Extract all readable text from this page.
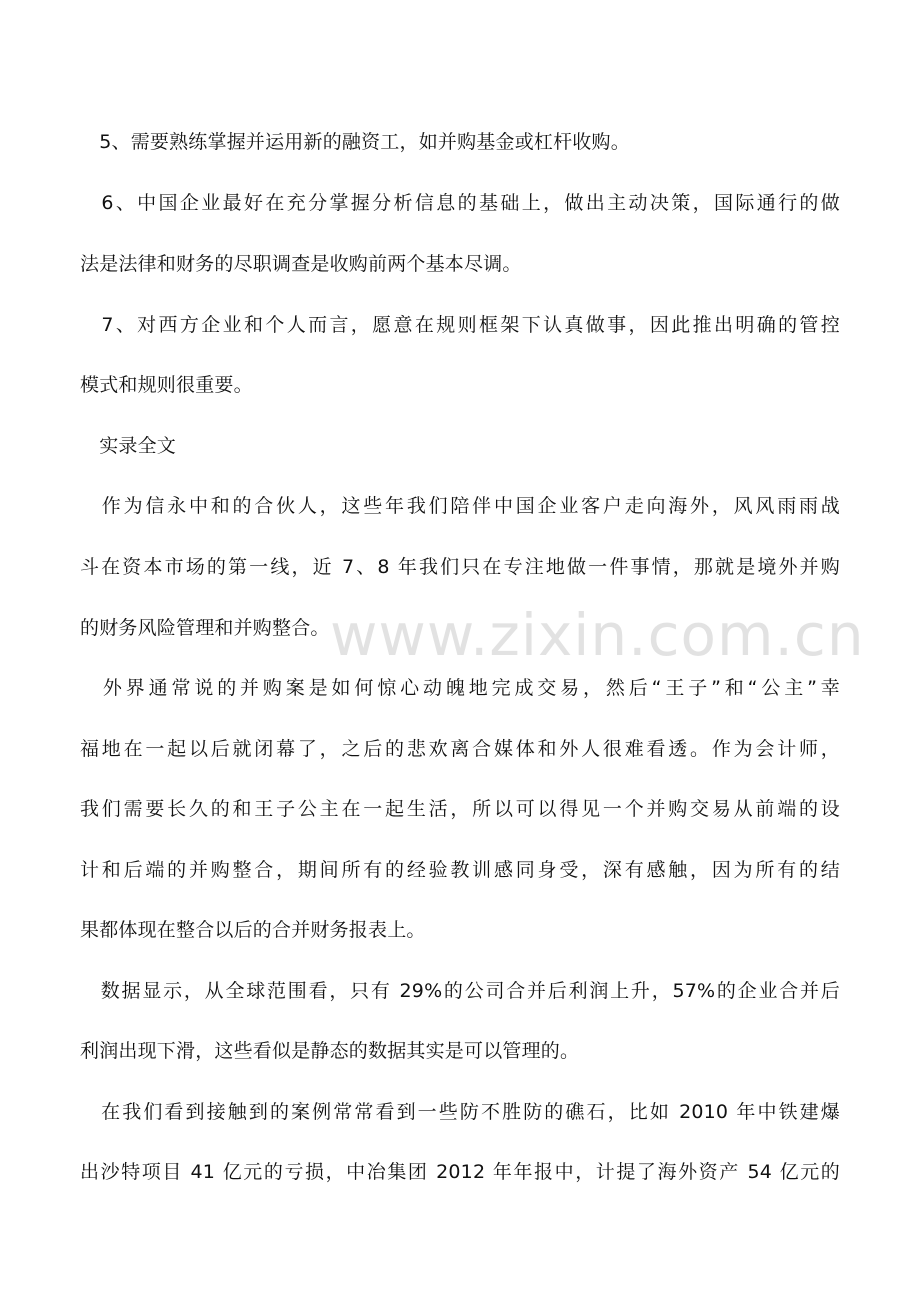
　5、需要熟练掌握并运用新的融资工，如并购基金或杠杆收购。
　6、中国企业最好在充分掌握分析信息的基础上，做出主动决策，国际通行的做
法是法律和财务的尽职调查是收购前两个基本尽调。
　7、对西方企业和个人而言，愿意在规则框架下认真做事，因此推出明确的管控
模式和规则很重要。
　实录全文
　作为信永中和的合伙人，这些年我们陪伴中国企业客户走向海外，风风雨雨战
斗在资本市场的第一线，近 7、8 年我们只在专注地做一件事情，那就是境外并购
的财务风险管理和并购整合。
　外界通常说的并购案是如何惊心动魄地完成交易，然后“王子”和“公主”幸
福地在一起以后就闭幕了，之后的悲欢离合媒体和外人很难看透。作为会计师，
我们需要长久的和王子公主在一起生活，所以可以得见一个并购交易从前端的设
计和后端的并购整合，期间所有的经验教训感同身受，深有感触，因为所有的结
果都体现在整合以后的合并财务报表上。
　数据显示，从全球范围看，只有 29%的公司合并后利润上升，57%的企业合并后
利润出现下滑，这些看似是静态的数据其实是可以管理的。
　在我们看到接触到的案例常常看到一些防不胜防的礁石，比如 2010 年中铁建爆
出沙特项目 41 亿元的亏损，中冶集团 2012 年年报中，计提了海外资产 54 亿元的
www.zixin.com.cn
